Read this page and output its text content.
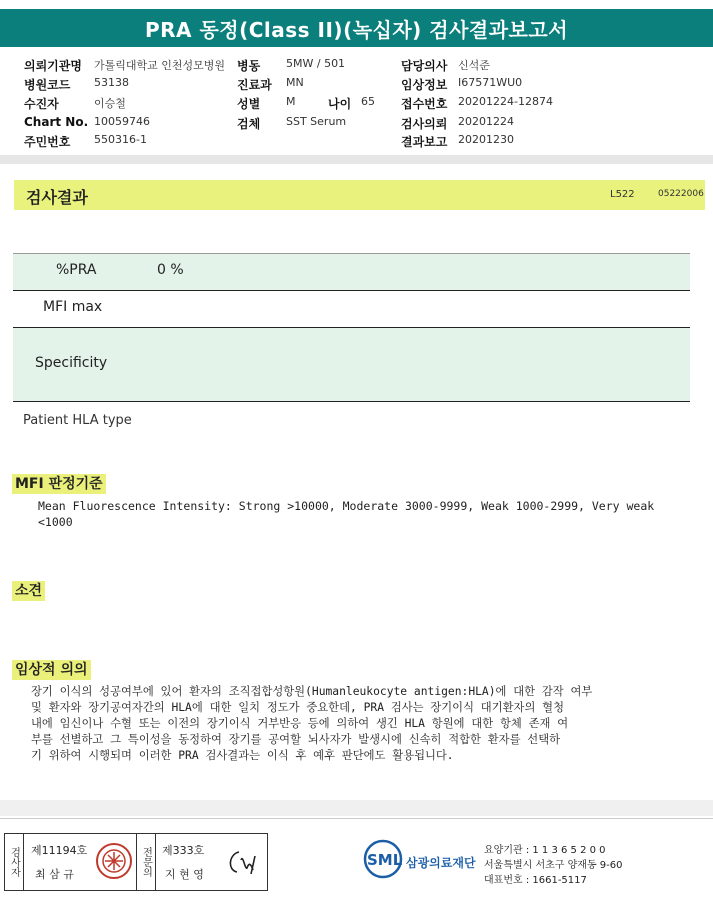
PRA 동정(Class II)(녹십자) 검사결과보고서
의뢰기관명 가톨릭대학교 인천성모병원 병동 5MW / 501	담당의사 신석준
병원코드 53138	진료과 MN	임상정보 I67571WU0
수진자	이승철	성별 M	나이 65 접수번호 20201224-12874
Chart No. 10059746	검체 SST Serum	검사의뢰 20201224
주민번호 550316-1	결과보고 20201230
검사결과	L522	05222006
%PRA	0 %
MFI max
Specificity
Patient HLA type
MFI 판정기준
Mean Fluorescence Intensity: Strong >10000, Moderate 3000-9999, Weak 1000-2999, Very weak
<1000
소견
임상적 의의
장기 이식의 성공여부에 있어 환자의 조직접합성항원(Humanleukocyte antigen:HLA)에 대한 감작 여부
및 환자와 장기공여자간의 HLA에 대한 일치 정도가 중요한데, PRA 검사는 장기이식 대기환자의 혈청
내에 임신이나 수혈 또는 이전의 장기이식 거부반응 등에 의하여 생긴 HLA 항원에 대한 항체 존재 여
부를 선별하고 그 특이성을 동정하여 장기를 공여할 뇌사자가 발생시에 신속히 적합한 환자를 선택하
기 위하여 시행되며 이러한 PRA 검사결과는 이식 후 예후 판단에도 활용됩니다.
검사자 제11194호
최 삼 규	전문의 제333호
지 현 영
SML 삼광의료재단
요양기관 : 1 1 3 6 5 2 0 0
서울특별시 서초구 양재동 9-60
대표번호 : 1661-5117
